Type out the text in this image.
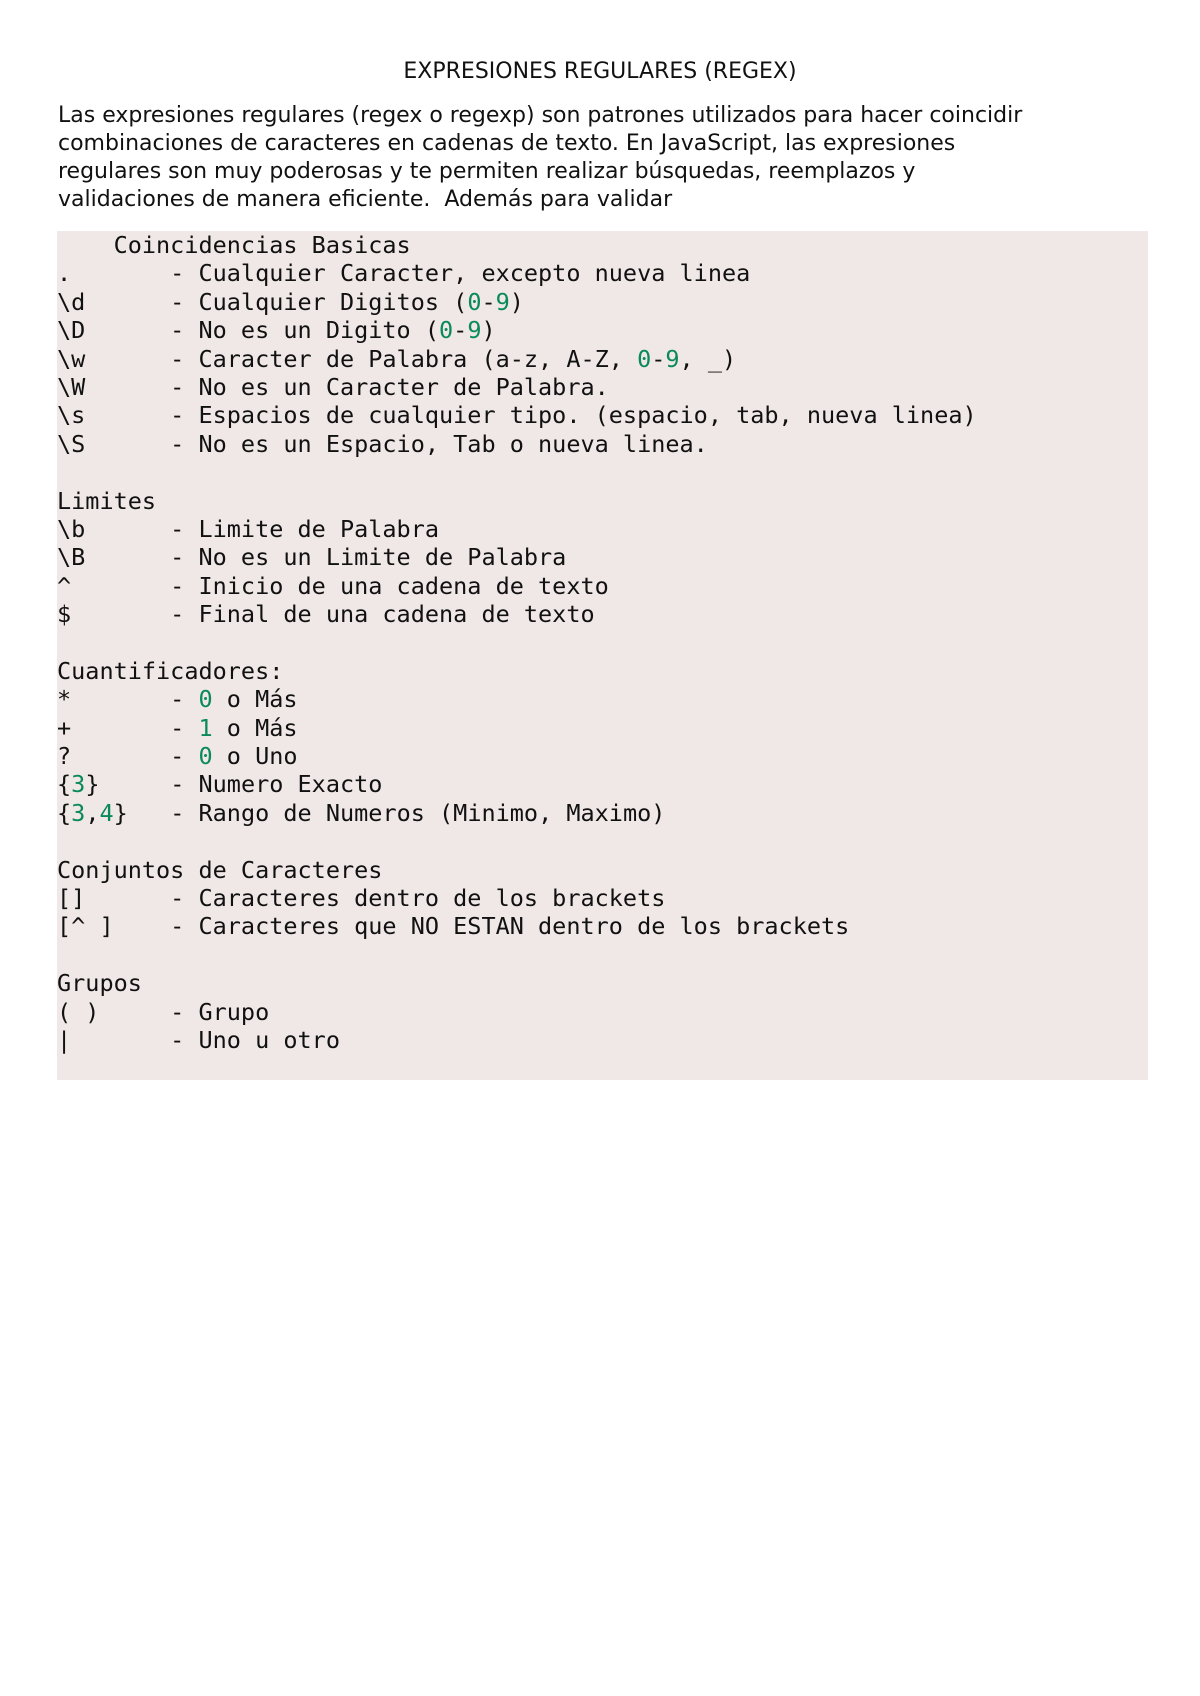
EXPRESIONES REGULARES (REGEX)
Las expresiones regulares (regex o regexp) son patrones utilizados para hacer coincidir
combinaciones de caracteres en cadenas de texto. En JavaScript, las expresiones
regulares son muy poderosas y te permiten realizar búsquedas, reemplazos y
validaciones de manera eficiente.  Además para validar
Coincidencias Basicas
.       - Cualquier Caracter, excepto nueva linea
\d      - Cualquier Digitos (0-9)
\D      - No es un Digito (0-9)
\w      - Caracter de Palabra (a-z, A-Z, 0-9, _)
\W      - No es un Caracter de Palabra.
\s      - Espacios de cualquier tipo. (espacio, tab, nueva linea)
\S      - No es un Espacio, Tab o nueva linea.

Limites
\b      - Limite de Palabra
\B      - No es un Limite de Palabra
^       - Inicio de una cadena de texto
$       - Final de una cadena de texto

Cuantificadores:
*       - 0 o Más
+       - 1 o Más
?       - 0 o Uno
{3}     - Numero Exacto
{3,4}   - Rango de Numeros (Minimo, Maximo)

Conjuntos de Caracteres
[]      - Caracteres dentro de los brackets
[^ ]    - Caracteres que NO ESTAN dentro de los brackets

Grupos
( )     - Grupo
|       - Uno u otro
